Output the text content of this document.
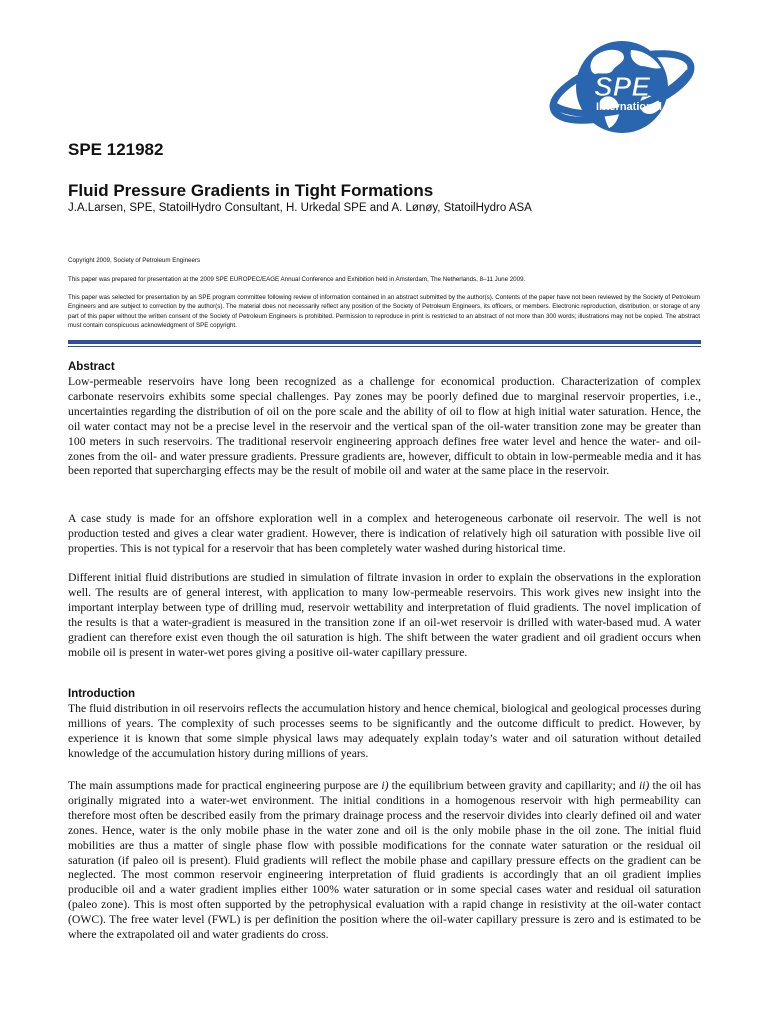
SPE
International
SPE 121982
Fluid Pressure Gradients in Tight Formations
J.A.Larsen, SPE, StatoilHydro Consultant, H. Urkedal SPE and A. Lønøy, StatoilHydro ASA
Copyright 2009, Society of Petroleum Engineers
This paper was prepared for presentation at the 2009 SPE EUROPEC/EAGE Annual Conference and Exhibition held in Amsterdam, The Netherlands, 8–11 June 2009.
This paper was selected for presentation by an SPE program committee following review of information contained in an abstract submitted by the author(s). Contents of the paper have not been reviewed by the Society of Petroleum Engineers and are subject to correction by the author(s). The material does not necessarily reflect any position of the Society of Petroleum Engineers, its officers, or members. Electronic reproduction, distribution, or storage of any part of this paper without the written consent of the Society of Petroleum Engineers is prohibited. Permission to reproduce in print is restricted to an abstract of not more than 300 words; illustrations may not be copied. The abstract must contain conspicuous acknowledgment of SPE copyright.
Abstract

Low-permeable reservoirs have long been recognized as a challenge for economical production. Characterization of complex carbonate reservoirs exhibits some special challenges. Pay zones may be poorly defined due to marginal reservoir properties, i.e., uncertainties regarding the distribution of oil on the pore scale and the ability of oil to flow at high initial water saturation. Hence, the oil water contact may not be a precise level in the reservoir and the vertical span of the oil-water transition zone may be greater than 100 meters in such reservoirs. The traditional reservoir engineering approach defines free water level and hence the water- and oil-zones from the oil- and water pressure gradients. Pressure gradients are, however, difficult to obtain in low-permeable media and it has been reported that supercharging effects may be the result of mobile oil and water at the same place in the reservoir.

A case study is made for an offshore exploration well in a complex and heterogeneous carbonate oil reservoir. The well is not production tested and gives a clear water gradient. However, there is indication of relatively high oil saturation with possible live oil properties. This is not typical for a reservoir that has been completely water washed during historical time.

Different initial fluid distributions are studied in simulation of filtrate invasion in order to explain the observations in the exploration well. The results are of general interest, with application to many low-permeable reservoirs. This work gives new insight into the important interplay between type of drilling mud, reservoir wettability and interpretation of fluid gradients. The novel implication of the results is that a water-gradient is measured in the transition zone if an oil-wet reservoir is drilled with water-based mud. A water gradient can therefore exist even though the oil saturation is high. The shift between the water gradient and oil gradient occurs when mobile oil is present in water-wet pores giving a positive oil-water capillary pressure.

Introduction

The fluid distribution in oil reservoirs reflects the accumulation history and hence chemical, biological and geological processes during millions of years. The complexity of such processes seems to be significantly and the outcome difficult to predict. However, by experience it is known that some simple physical laws may adequately explain today’s water and oil saturation without detailed knowledge of the accumulation history during millions of years.

The main assumptions made for practical engineering purpose are i) the equilibrium between gravity and capillarity; and ii) the oil has originally migrated into a water-wet environment. The initial conditions in a homogenous reservoir with high permeability can therefore most often be described easily from the primary drainage process and the reservoir divides into clearly defined oil and water zones. Hence, water is the only mobile phase in the water zone and oil is the only mobile phase in the oil zone. The initial fluid mobilities are thus a matter of single phase flow with possible modifications for the connate water saturation or the residual oil saturation (if paleo oil is present). Fluid gradients will reflect the mobile phase and capillary pressure effects on the gradient can be neglected. The most common reservoir engineering interpretation of fluid gradients is accordingly that an oil gradient implies producible oil and a water gradient implies either 100% water saturation or in some special cases water and residual oil saturation (paleo zone). This is most often supported by the petrophysical evaluation with a rapid change in resistivity at the oil-water contact (OWC). The free water level (FWL) is per definition the position where the oil-water capillary pressure is zero and is estimated to be where the extrapolated oil and water gradients do cross.
